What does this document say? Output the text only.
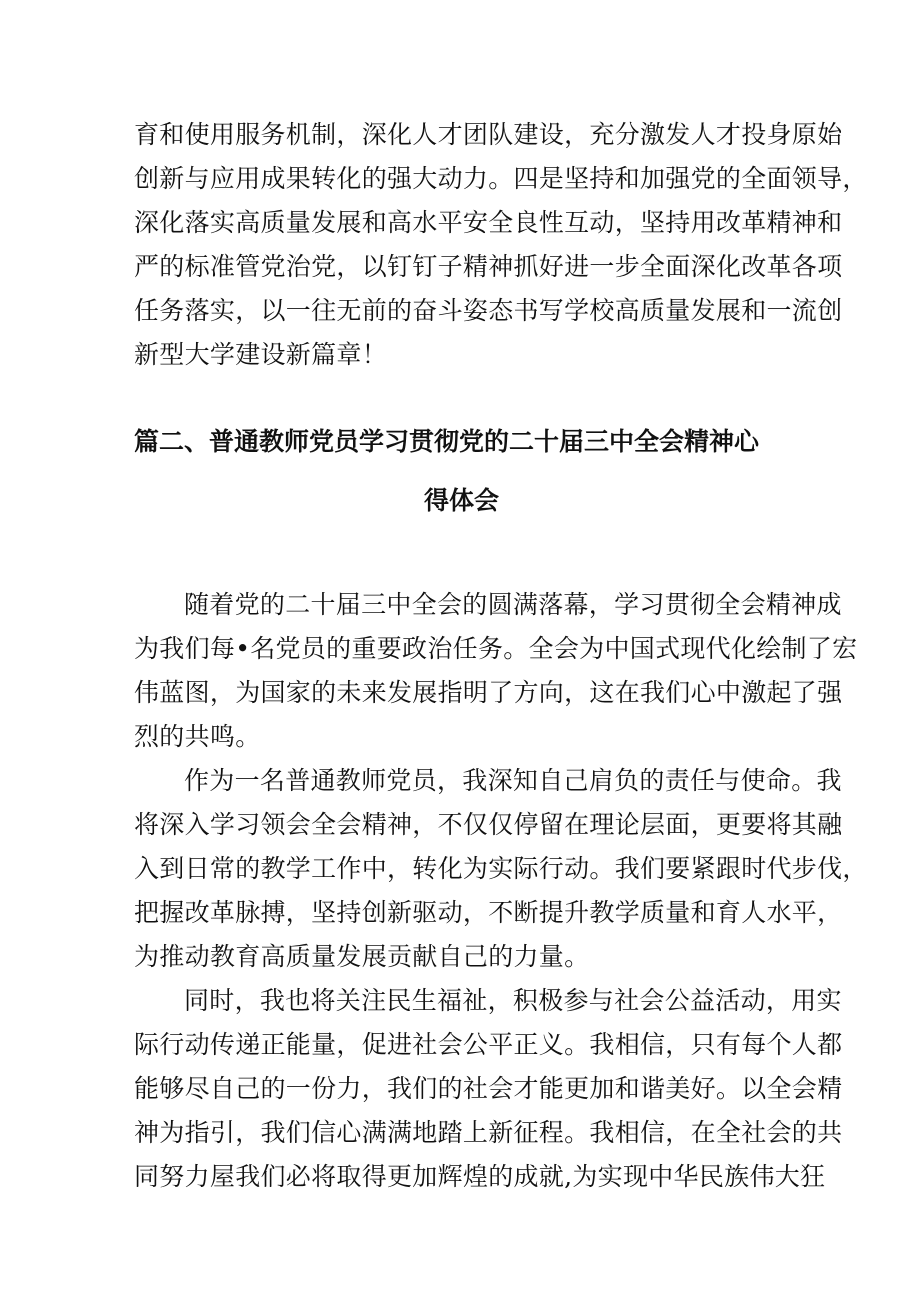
育和使用服务机制，深化人才团队建设，充分激发人才投身原始
创新与应用成果转化的强大动力。四是坚持和加强党的全面领导，
深化落实高质量发展和高水平安全良性互动，坚持用改革精神和
严的标准管党治党，以钉钉子精神抓好进一步全面深化改革各项
任务落实，以一往无前的奋斗姿态书写学校高质量发展和一流创
新型大学建设新篇章！
篇二、普通教师党员学习贯彻党的二十届三中全会精神心
得体会
随着党的二十届三中全会的圆满落幕，学习贯彻全会精神成
为我们每•名党员的重要政治任务。全会为中国式现代化绘制了宏
伟蓝图，为国家的未来发展指明了方向，这在我们心中激起了强
烈的共鸣。
作为一名普通教师党员，我深知自己肩负的责任与使命。我
将深入学习领会全会精神，不仅仅停留在理论层面，更要将其融
入到日常的教学工作中，转化为实际行动。我们要紧跟时代步伐，
把握改革脉搏，坚持创新驱动，不断提升教学质量和育人水平，
为推动教育高质量发展贡献自己的力量。
同时，我也将关注民生福祉，积极参与社会公益活动，用实
际行动传递正能量，促进社会公平正义。我相信，只有每个人都
能够尽自己的一份力，我们的社会才能更加和谐美好。以全会精
神为指引，我们信心满满地踏上新征程。我相信，在全社会的共
同努力屋我们必将取得更加辉煌的成就,为实现中华民族伟大狂
